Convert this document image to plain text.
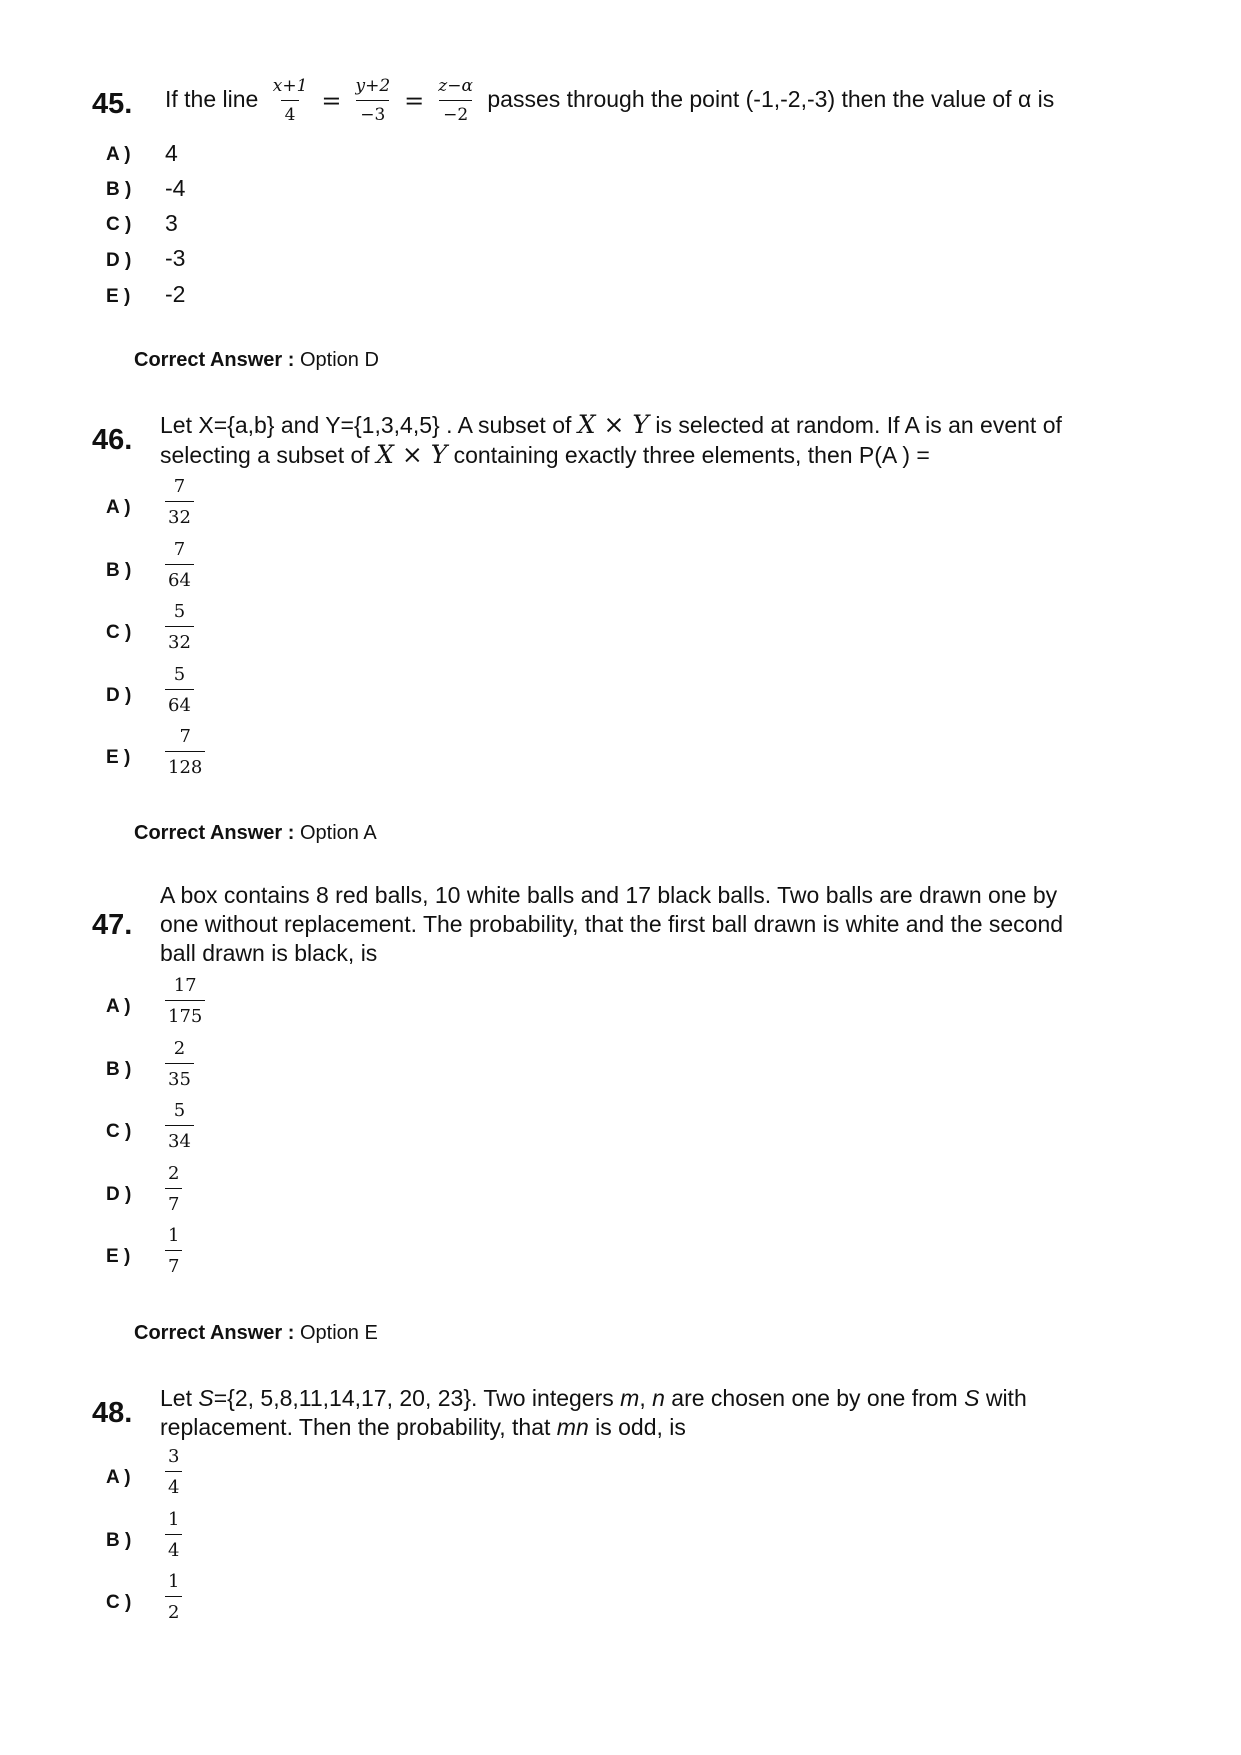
45. If the line $\frac{x+1}{4} = \frac{y+2}{-3} = \frac{z-\alpha}{-2}$ passes through the point (-1,-2,-3) then the value of α is
A )	4
B )	-4
C )	3
D )	-3
E )	-2
Correct Answer : Option D
46. Let X={a,b} and Y={1,3,4,5} . A subset of X × Y is selected at random. If A is an event of
selecting a subset of X × Y containing exactly three elements, then P(A ) =
A )	$\frac{7}{32}$
B )	$\frac{7}{64}$
C )	$\frac{5}{32}$
D )	$\frac{5}{64}$
E )	$\frac{7}{128}$
Correct Answer : Option A
47.
A box contains 8 red balls, 10 white balls and 17 black balls. Two balls are drawn one by
one without replacement. The probability, that the first ball drawn is white and the second
ball drawn is black, is
A )	$\frac{17}{175}$
B )	$\frac{2}{35}$
C )	$\frac{5}{34}$
D )	$\frac{2}{7}$
E )	$\frac{1}{7}$
Correct Answer : Option E
48. Let S={2, 5,8,11,14,17, 20, 23}. Two integers m, n are chosen one by one from S with
replacement. Then the probability, that mn is odd, is
A )	$\frac{3}{4}$
B )	$\frac{1}{4}$
C )	$\frac{1}{2}$
